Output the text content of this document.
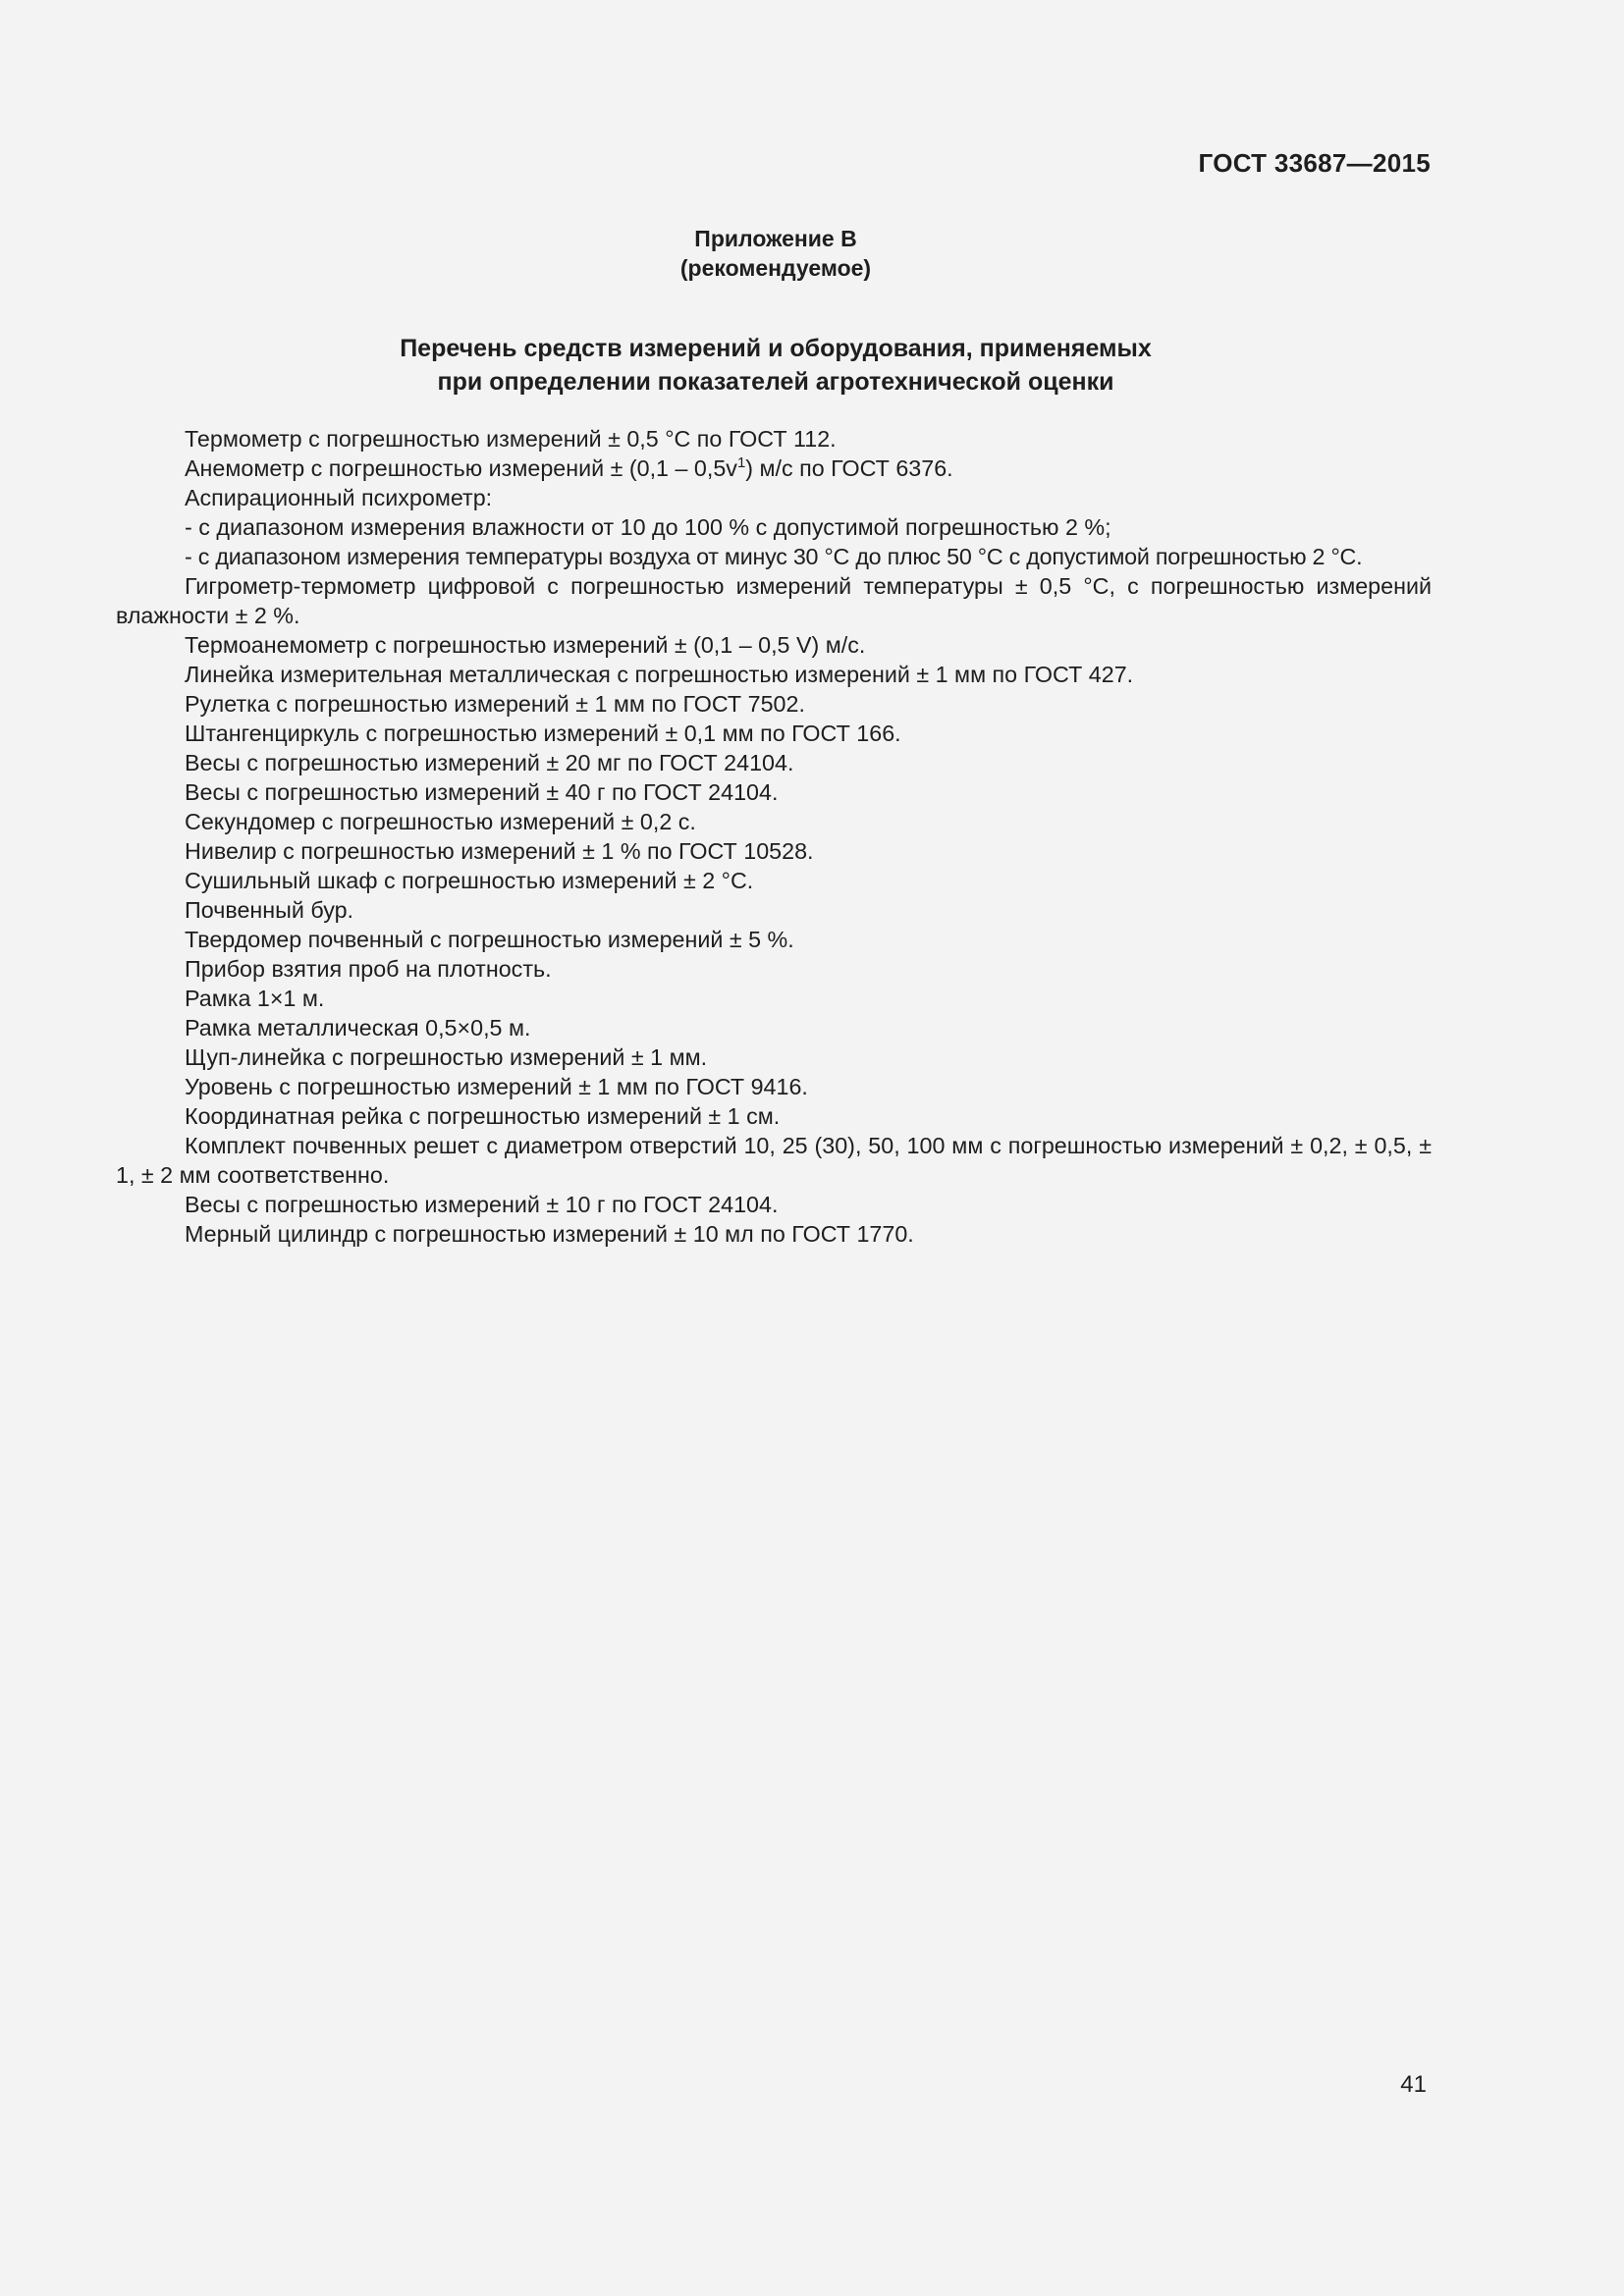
ГОСТ 33687—2015
Приложение В
(рекомендуемое)
Перечень средств измерений и оборудования, применяемых
при определении показателей агротехнической оценки
Термометр с погрешностью измерений ± 0,5 °C по ГОСТ 112.
Анемометр с погрешностью измерений ± $(0,1 - 0,5v^1)$ м/с по ГОСТ 6376.
Аспирационный психрометр:
- с диапазоном измерения влажности от 10 до 100 % с допустимой погрешностью 2 %;
- с диапазоном измерения температуры воздуха от минус 30 °С до плюс 50 °С с допустимой погрешностью 2 °С.
Гигрометр-термометр цифровой с погрешностью измерений температуры ± 0,5 °С, с погрешностью измерений влажности ± 2 %.
Термоанемометр с погрешностью измерений ± (0,1 – 0,5 V) м/с.
Линейка измерительная металлическая с погрешностью измерений ± 1 мм по ГОСТ 427.
Рулетка с погрешностью измерений ± 1 мм по ГОСТ 7502.
Штангенциркуль с погрешностью измерений ± 0,1 мм по ГОСТ 166.
Весы с погрешностью измерений ± 20 мг по ГОСТ 24104.
Весы с погрешностью измерений ± 40 г по ГОСТ 24104.
Секундомер с погрешностью измерений ± 0,2 с.
Нивелир с погрешностью измерений ± 1 % по ГОСТ 10528.
Сушильный шкаф с погрешностью измерений ± 2 °С.
Почвенный бур.
Твердомер почвенный с погрешностью измерений ± 5 %.
Прибор взятия проб на плотность.
Рамка 1×1 м.
Рамка металлическая 0,5×0,5 м.
Щуп-линейка с погрешностью измерений ± 1 мм.
Уровень с погрешностью измерений ± 1 мм по ГОСТ 9416.
Координатная рейка с погрешностью измерений ± 1 см.
Комплект почвенных решет с диаметром отверстий 10, 25 (30), 50, 100 мм с погрешностью измерений ± 0,2, ± 0,5, ± 1, ± 2 мм соответственно.
Весы с погрешностью измерений ± 10 г по ГОСТ 24104.
Мерный цилиндр с погрешностью измерений ± 10 мл по ГОСТ 1770.
41
